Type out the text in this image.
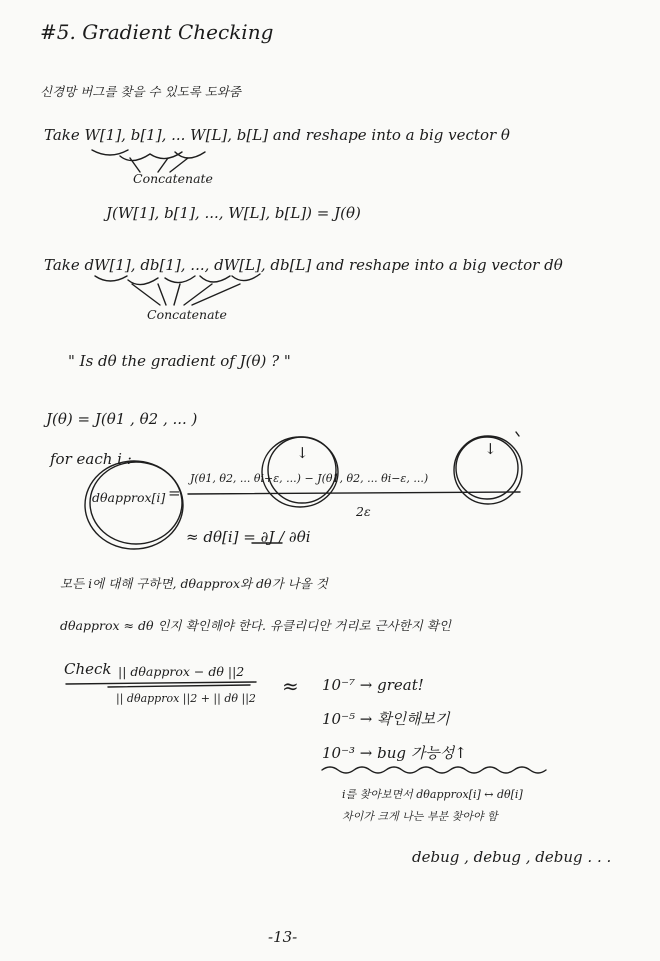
#5. Gradient Checking
신경망 버그를 찾을 수 있도록 도와줌
Take W[1], b[1], ... W[L], b[L] and reshape into a big vector θ
Concatenate
J(W[1], b[1], ..., W[L], b[L]) = J(θ)
Take dW[1], db[1], ..., dW[L], db[L] and reshape into a big vector dθ
Concatenate
" Is dθ the gradient of J(θ) ? "
J(θ) = J(θ1 , θ2 , ... )
for each i :
dθapprox[i] =
↓	↓
J(θ1, θ2, ... θi+ε, ...) − J(θ1, θ2, ... θi−ε, ...)
2ε
≈ dθ[i] = ∂J / ∂θi
모든 i에 대해 구하면, dθapprox와 dθ가 나올 것
dθapprox ≈ dθ 인지 확인해야 한다. 유클리디안 거리로 근사한지 확인
Check || dθapprox − dθ ||2
|| dθapprox ||2 + || dθ ||2
≈ 10⁻⁷ → great!
10⁻⁵ → 확인해보기
10⁻³ → bug 가능성↑
i를 찾아보면서 dθapprox[i] ↔ dθ[i]
차이가 크게 나는 부분 찾아야 함
debug , debug , debug . . .
-13-
